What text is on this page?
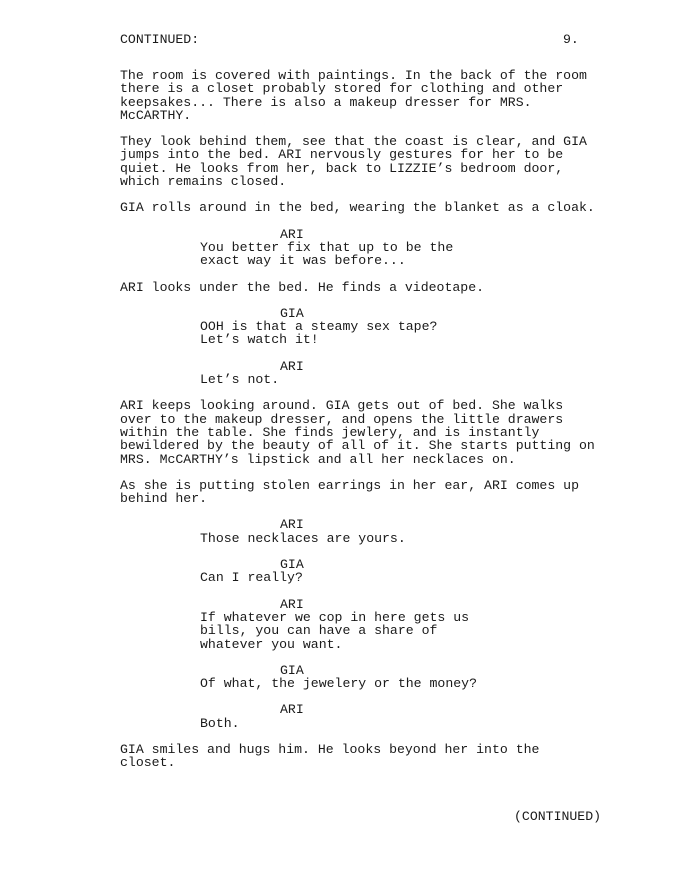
CONTINUED:	9.

The room is covered with paintings. In the back of the room
there is a closet probably stored for clothing and other
keepsakes... There is also a makeup dresser for MRS.
McCARTHY.

They look behind them, see that the coast is clear, and GIA
jumps into the bed. ARI nervously gestures for her to be
quiet. He looks from her, back to LIZZIE’s bedroom door,
which remains closed.

GIA rolls around in the bed, wearing the blanket as a cloak.

ARI

You better fix that up to be the
exact way it was before...

ARI looks under the bed. He finds a videotape.

GIA

OOH is that a steamy sex tape?
Let’s watch it!

ARI

Let’s not.

ARI keeps looking around. GIA gets out of bed. She walks
over to the makeup dresser, and opens the little drawers
within the table. She finds jewlery, and is instantly
bewildered by the beauty of all of it. She starts putting on
MRS. McCARTHY’s lipstick and all her necklaces on.

As she is putting stolen earrings in her ear, ARI comes up
behind her.

ARI

Those necklaces are yours.

GIA

Can I really?

ARI

If whatever we cop in here gets us
bills, you can have a share of
whatever you want.

GIA

Of what, the jewelery or the money?

ARI

Both.

GIA smiles and hugs him. He looks beyond her into the
closet.

(CONTINUED)
